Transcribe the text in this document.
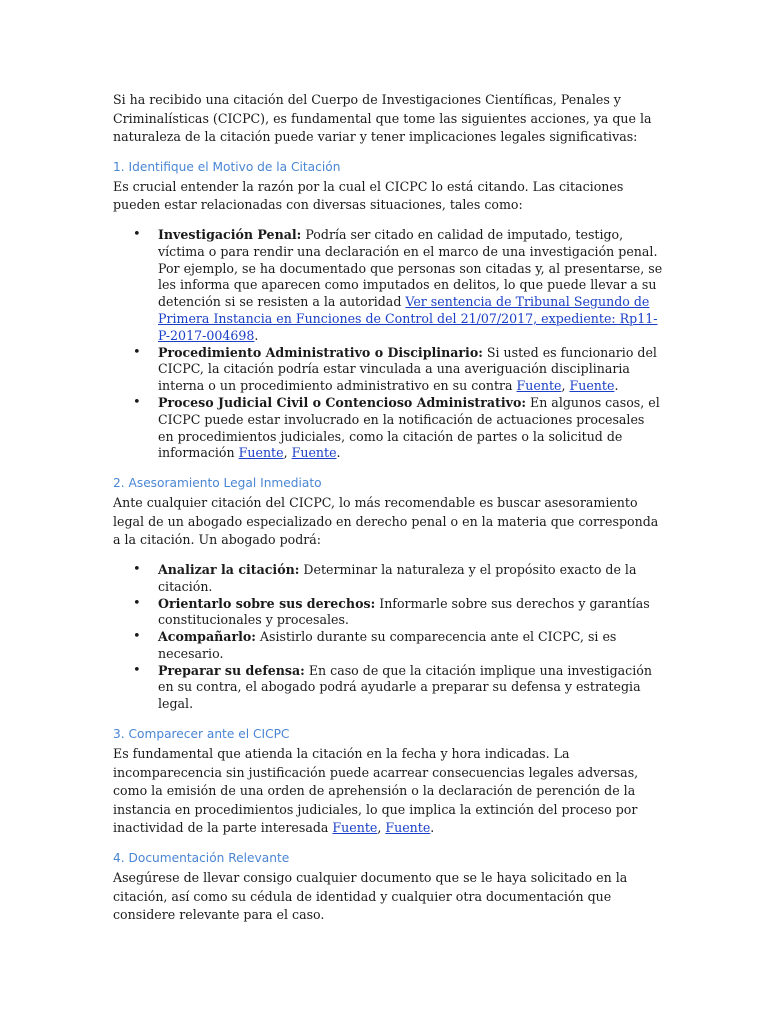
Si ha recibido una citación del Cuerpo de Investigaciones Científicas, Penales y Criminalísticas (CICPC), es fundamental que tome las siguientes acciones, ya que la naturaleza de la citación puede variar y tener implicaciones legales significativas:

1. Identifique el Motivo de la Citación

Es crucial entender la razón por la cual el CICPC lo está citando. Las citaciones pueden estar relacionadas con diversas situaciones, tales como:

• Investigación Penal: Podría ser citado en calidad de imputado, testigo, víctima o para rendir una declaración en el marco de una investigación penal. Por ejemplo, se ha documentado que personas son citadas y, al presentarse, se les informa que aparecen como imputados en delitos, lo que puede llevar a su detención si se resisten a la autoridad Ver sentencia de Tribunal Segundo de Primera Instancia en Funciones de Control del 21/07/2017, expediente: Rp11-P-2017-004698.
• Procedimiento Administrativo o Disciplinario: Si usted es funcionario del CICPC, la citación podría estar vinculada a una averiguación disciplinaria interna o un procedimiento administrativo en su contra Fuente, Fuente.
• Proceso Judicial Civil o Contencioso Administrativo: En algunos casos, el CICPC puede estar involucrado en la notificación de actuaciones procesales en procedimientos judiciales, como la citación de partes o la solicitud de información Fuente, Fuente.
2. Asesoramiento Legal Inmediato

Ante cualquier citación del CICPC, lo más recomendable es buscar asesoramiento legal de un abogado especializado en derecho penal o en la materia que corresponda a la citación. Un abogado podrá:

• Analizar la citación: Determinar la naturaleza y el propósito exacto de la citación.
• Orientarlo sobre sus derechos: Informarle sobre sus derechos y garantías constitucionales y procesales.
• Acompañarlo: Asistirlo durante su comparecencia ante el CICPC, si es necesario.
• Preparar su defensa: En caso de que la citación implique una investigación en su contra, el abogado podrá ayudarle a preparar su defensa y estrategia legal.
3. Comparecer ante el CICPC

Es fundamental que atienda la citación en la fecha y hora indicadas. La incomparecencia sin justificación puede acarrear consecuencias legales adversas, como la emisión de una orden de aprehensión o la declaración de perención de la instancia en procedimientos judiciales, lo que implica la extinción del proceso por inactividad de la parte interesada Fuente, Fuente.

4. Documentación Relevante

Asegúrese de llevar consigo cualquier documento que se le haya solicitado en la citación, así como su cédula de identidad y cualquier otra documentación que considere relevante para el caso.
